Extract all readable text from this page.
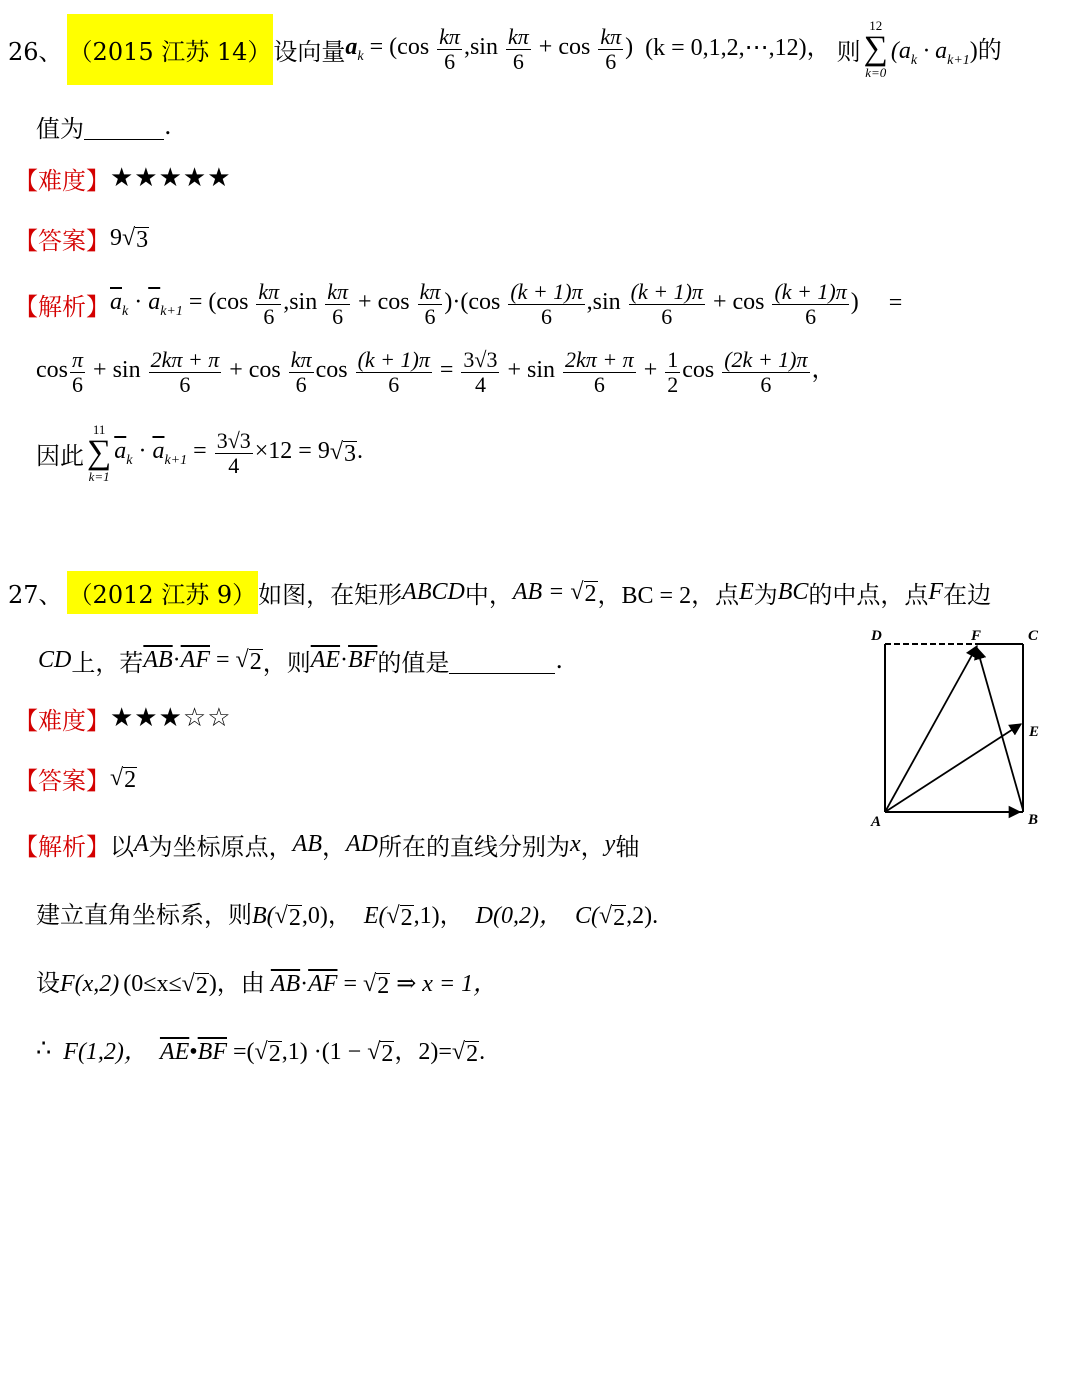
26、 （2015 江苏 14） 设向量 $a_k = (\cos \frac{k\pi}{6} ,\sin \frac{k\pi}{6} + \cos \frac{k\pi}{6}$ ) (k = 0,1,2,⋯,12)， 则
12
∑
k=0
$(a_k \cdot a_{k+1})$的
值为	.
【难度】 ★★★★★
【答案】 9√ 3
【解析】 $\overline{a}_k \cdot \overline{a}_{k+1} = (\cos \frac{k\pi}{6} ,\sin \frac{k\pi}{6} + \cos \frac{k\pi}{6} )\cdot(\cos \frac{(k + 1)\pi}{6} ,\sin \frac{(k + 1)\pi}{6} + \cos \frac{(k + 1)\pi}{6}$ ) =
$\cos \frac{\pi}{6} + \sin \frac{2k\pi + \pi}{6} + \cos \frac{k\pi}{6}$ $\cos \frac{(k + 1)\pi}{6} = \frac{3√3}{4} + \sin \frac{2k\pi + \pi}{6} + \frac{1}{2}$ $\cos \frac{(2k + 1)\pi}{6}$ ，
因此
11
∑
k=1
$\overline{a}_k \cdot \overline{a}_{k+1} = \frac{3√3}{4} \times 12 = 9√$ 3 .
27、 （2012 江苏 9） 如图，在矩形 ABCD 中， AB = √ 2 ，BC = 2，点 E 为 BC 的中点，点 F 在边
CD 上，若 $\overline{AB}\cdot\overline{AF}$ = √ 2 ，则 $\overline{AE}\cdot\overline{BF}$ 的值是	.
【难度】 ★★★☆☆
【答案】 √ 2
【解析】 以 A 为坐标原点， AB ， AD 所在的直线分别为 x ， y 轴
建立直角坐标系，则 B(√ 2 ,0)， E(√ 2 ,1)， D(0,2)， C(√ 2 ,2).
设 F(x,2) (0≤x≤√ 2 )，由 $\overline{AB}\cdot\overline{AF}$ = √ 2 ⇒ x = 1，
∴ F(1,2)， $\overline{AE}•\overline{BF}$ =(√ 2 ,1) ·(1 − √ 2 ，2)=√ 2 .
D	F	C
E
A	B
